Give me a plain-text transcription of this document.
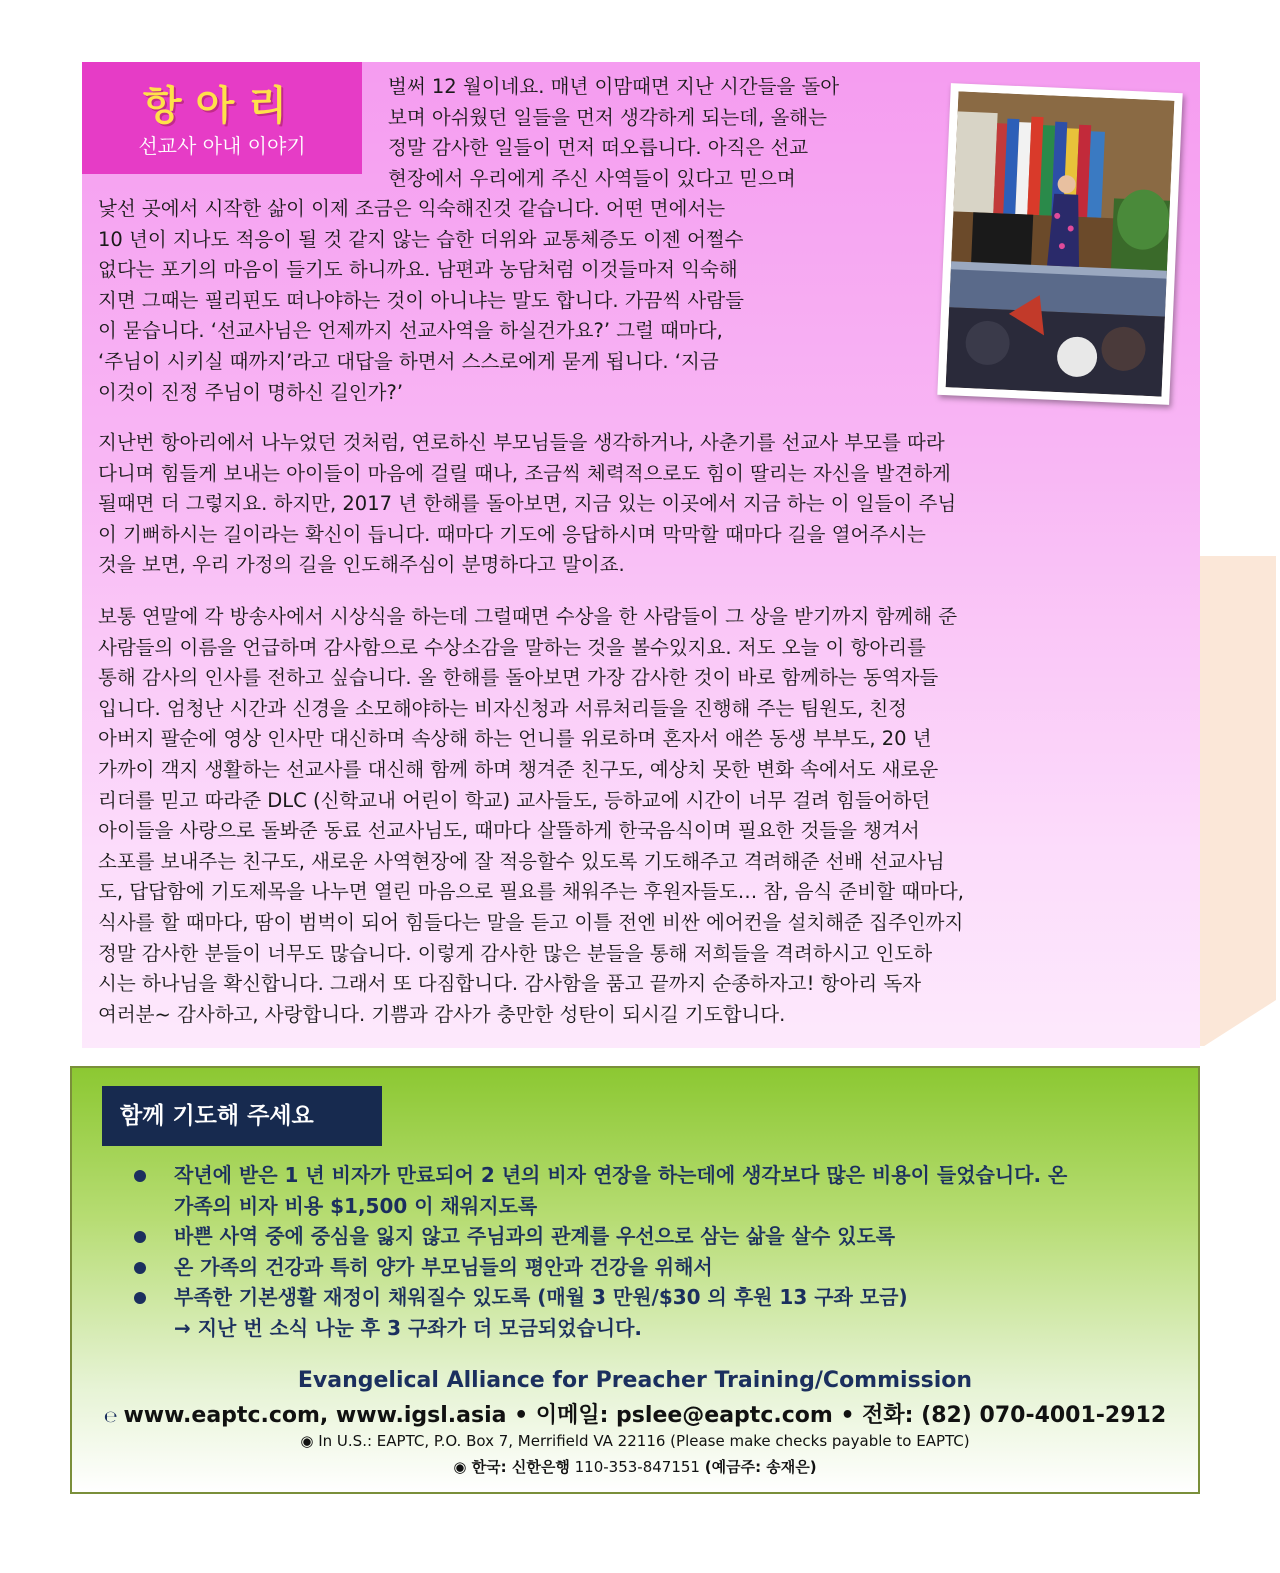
항아리
선교사 아내 이야기
벌써 12 월이네요. 매년 이맘때면 지난 시간들을 돌아
보며 아쉬웠던 일들을 먼저 생각하게 되는데, 올해는
정말 감사한 일들이 먼저 떠오릅니다. 아직은 선교
현장에서 우리에게 주신 사역들이 있다고 믿으며
낯선 곳에서 시작한 삶이 이제 조금은 익숙해진것 같습니다. 어떤 면에서는
10 년이 지나도 적응이 될 것 같지 않는 습한 더위와 교통체증도 이젠 어쩔수
없다는 포기의 마음이 들기도 하니까요. 남편과 농담처럼 이것들마저 익숙해
지면 그때는 필리핀도 떠나야하는 것이 아니냐는 말도 합니다. 가끔씩 사람들
이 묻습니다. ‘선교사님은 언제까지 선교사역을 하실건가요?’ 그럴 때마다,
‘주님이 시키실 때까지’라고 대답을 하면서 스스로에게 묻게 됩니다. ‘지금
이것이 진정 주님이 명하신 길인가?’
지난번 항아리에서 나누었던 것처럼, 연로하신 부모님들을 생각하거나, 사춘기를 선교사 부모를 따라
다니며 힘들게 보내는 아이들이 마음에 걸릴 때나, 조금씩 체력적으로도 힘이 딸리는 자신을 발견하게
될때면 더 그렇지요. 하지만, 2017 년 한해를 돌아보면, 지금 있는 이곳에서 지금 하는 이 일들이 주님
이 기뻐하시는 길이라는 확신이 듭니다. 때마다 기도에 응답하시며 막막할 때마다 길을 열어주시는
것을 보면, 우리 가정의 길을 인도해주심이 분명하다고 말이죠.
보통 연말에 각 방송사에서 시상식을 하는데 그럴때면 수상을 한 사람들이 그 상을 받기까지 함께해 준
사람들의 이름을 언급하며 감사함으로 수상소감을 말하는 것을 볼수있지요. 저도 오늘 이 항아리를
통해 감사의 인사를 전하고 싶습니다. 올 한해를 돌아보면 가장 감사한 것이 바로 함께하는 동역자들
입니다. 엄청난 시간과 신경을 소모해야하는 비자신청과 서류처리들을 진행해 주는 팀원도, 친정
아버지 팔순에 영상 인사만 대신하며 속상해 하는 언니를 위로하며 혼자서 애쓴 동생 부부도, 20 년
가까이 객지 생활하는 선교사를 대신해 함께 하며 챙겨준 친구도, 예상치 못한 변화 속에서도 새로운
리더를 믿고 따라준 DLC (신학교내 어린이 학교) 교사들도, 등하교에 시간이 너무 걸려 힘들어하던
아이들을 사랑으로 돌봐준 동료 선교사님도, 때마다 살뜰하게 한국음식이며 필요한 것들을 챙겨서
소포를 보내주는 친구도, 새로운 사역현장에 잘 적응할수 있도록 기도해주고 격려해준 선배 선교사님
도, 답답함에 기도제목을 나누면 열린 마음으로 필요를 채워주는 후원자들도… 참, 음식 준비할 때마다,
식사를 할 때마다, 땀이 범벅이 되어 힘들다는 말을 듣고 이틀 전엔 비싼 에어컨을 설치해준 집주인까지
정말 감사한 분들이 너무도 많습니다. 이렇게 감사한 많은 분들을 통해 저희들을 격려하시고 인도하
시는 하나님을 확신합니다. 그래서 또 다짐합니다. 감사함을 품고 끝까지 순종하자고! 항아리 독자
여러분~ 감사하고, 사랑합니다. 기쁨과 감사가 충만한 성탄이 되시길 기도합니다.
함께 기도해 주세요
작년에 받은 1 년 비자가 만료되어 2 년의 비자 연장을 하는데에 생각보다 많은 비용이 들었습니다. 온
가족의 비자 비용 $1,500 이 채워지도록
바쁜 사역 중에 중심을 잃지 않고 주님과의 관계를 우선으로 삼는 삶을 살수 있도록
온 가족의 건강과 특히 양가 부모님들의 평안과 건강을 위해서
부족한 기본생활 재정이 채워질수 있도록 (매월 3 만원/$30 의 후원 13 구좌 모금)
→ 지난 번 소식 나눈 후 3 구좌가 더 모금되었습니다.
Evangelical Alliance for Preacher Training/Commission
℮ www.eaptc.com, www.igsl.asia • 이메일: pslee@eaptc.com • 전화: (82) 070-4001-2912
◉ In U.S.: EAPTC, P.O. Box 7, Merrifield VA 22116 (Please make checks payable to EAPTC)
◉ 한국: 신한은행 110-353-847151 (예금주: 송재은)
